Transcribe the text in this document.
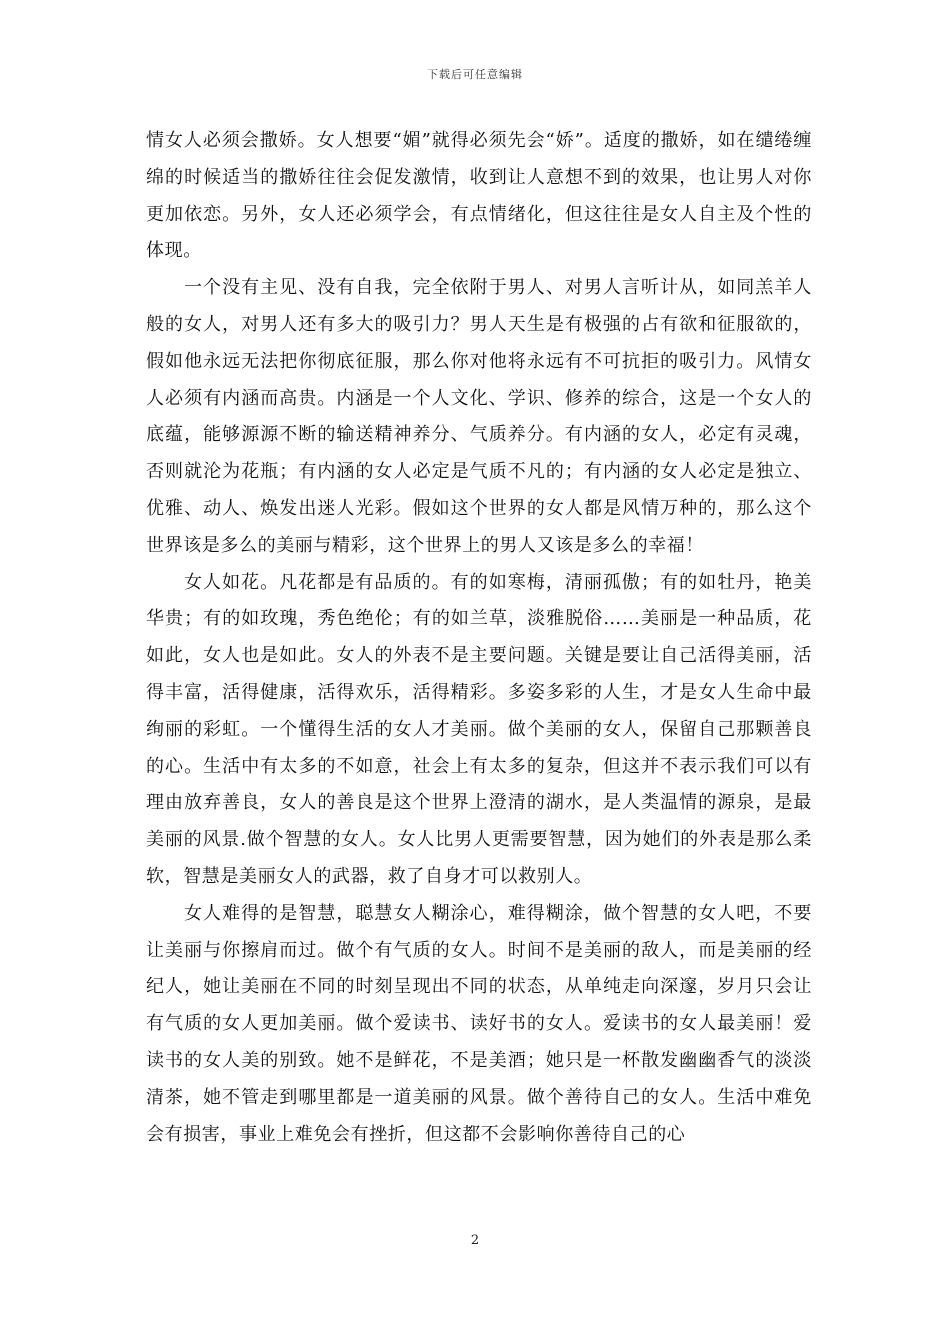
下载后可任意编辑

情女人必须会撒娇。女人想要“媚”就得必须先会“娇”。适度的撒娇，如在缱绻缠绵的时候适当的撒娇往往会促发激情，收到让人意想不到的效果，也让男人对你更加依恋。另外，女人还必须学会，有点情绪化，但这往往是女人自主及个性的体现。

一个没有主见、没有自我，完全依附于男人、对男人言听计从，如同羔羊人般的女人，对男人还有多大的吸引力？男人天生是有极强的占有欲和征服欲的，假如他永远无法把你彻底征服，那么你对他将永远有不可抗拒的吸引力。风情女人必须有内涵而高贵。内涵是一个人文化、学识、修养的综合，这是一个女人的底蕴，能够源源不断的输送精神养分、气质养分。有内涵的女人，必定有灵魂，否则就沦为花瓶；有内涵的女人必定是气质不凡的；有内涵的女人必定是独立、优雅、动人、焕发出迷人光彩。假如这个世界的女人都是风情万种的，那么这个世界该是多么的美丽与精彩，这个世界上的男人又该是多么的幸福！

女人如花。凡花都是有品质的。有的如寒梅，清丽孤傲；有的如牡丹，艳美华贵；有的如玫瑰，秀色绝伦；有的如兰草，淡雅脱俗……美丽是一种品质，花如此，女人也是如此。女人的外表不是主要问题。关键是要让自己活得美丽，活得丰富，活得健康，活得欢乐，活得精彩。多姿多彩的人生，才是女人生命中最绚丽的彩虹。一个懂得生活的女人才美丽。做个美丽的女人，保留自己那颗善良的心。生活中有太多的不如意，社会上有太多的复杂，但这并不表示我们可以有理由放弃善良，女人的善良是这个世界上澄清的湖水，是人类温情的源泉，是最美丽的风景.做个智慧的女人。女人比男人更需要智慧，因为她们的外表是那么柔软，智慧是美丽女人的武器，救了自身才可以救别人。

女人难得的是智慧，聪慧女人糊涂心，难得糊涂，做个智慧的女人吧，不要让美丽与你擦肩而过。做个有气质的女人。时间不是美丽的敌人，而是美丽的经纪人，她让美丽在不同的时刻呈现出不同的状态，从单纯走向深邃，岁月只会让有气质的女人更加美丽。做个爱读书、读好书的女人。爱读书的女人最美丽！爱读书的女人美的别致。她不是鲜花，不是美酒；她只是一杯散发幽幽香气的淡淡清茶，她不管走到哪里都是一道美丽的风景。做个善待自己的女人。生活中难免会有损害，事业上难免会有挫折，但这都不会影响你善待自己的心

2
